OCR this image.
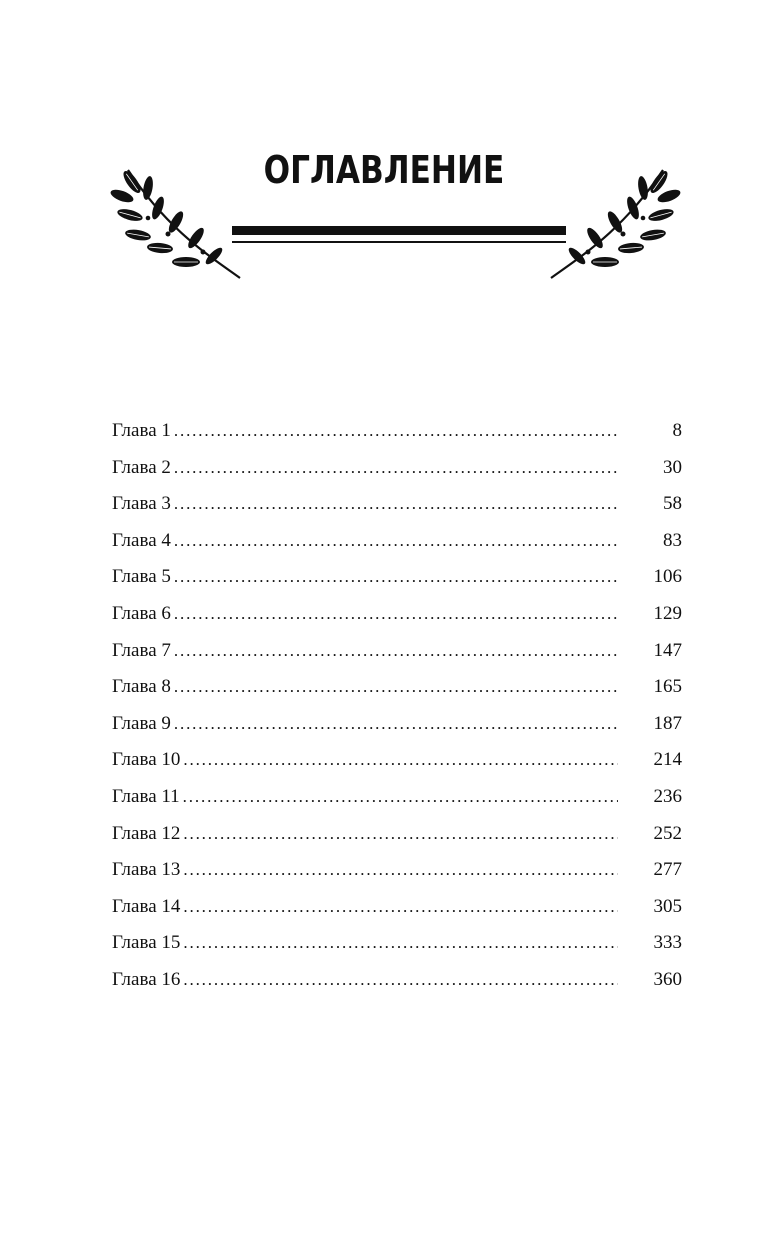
ОГЛАВЛЕНИЕ
Глава 1 . . .	8
Глава 2 . . .	30
Глава 3 . . .	58
Глава 4 . . .	83
Глава 5 . . .	106
Глава 6 . . .	129
Глава 7 . . .	147
Глава 8 . . .	165
Глава 9 . . .	187
Глава 10 . . .	214
Глава 11 . . .	236
Глава 12 . . .	252
Глава 13 . . .	277
Глава 14 . . .	305
Глава 15 . . .	333
Глава 16 . . .	360
